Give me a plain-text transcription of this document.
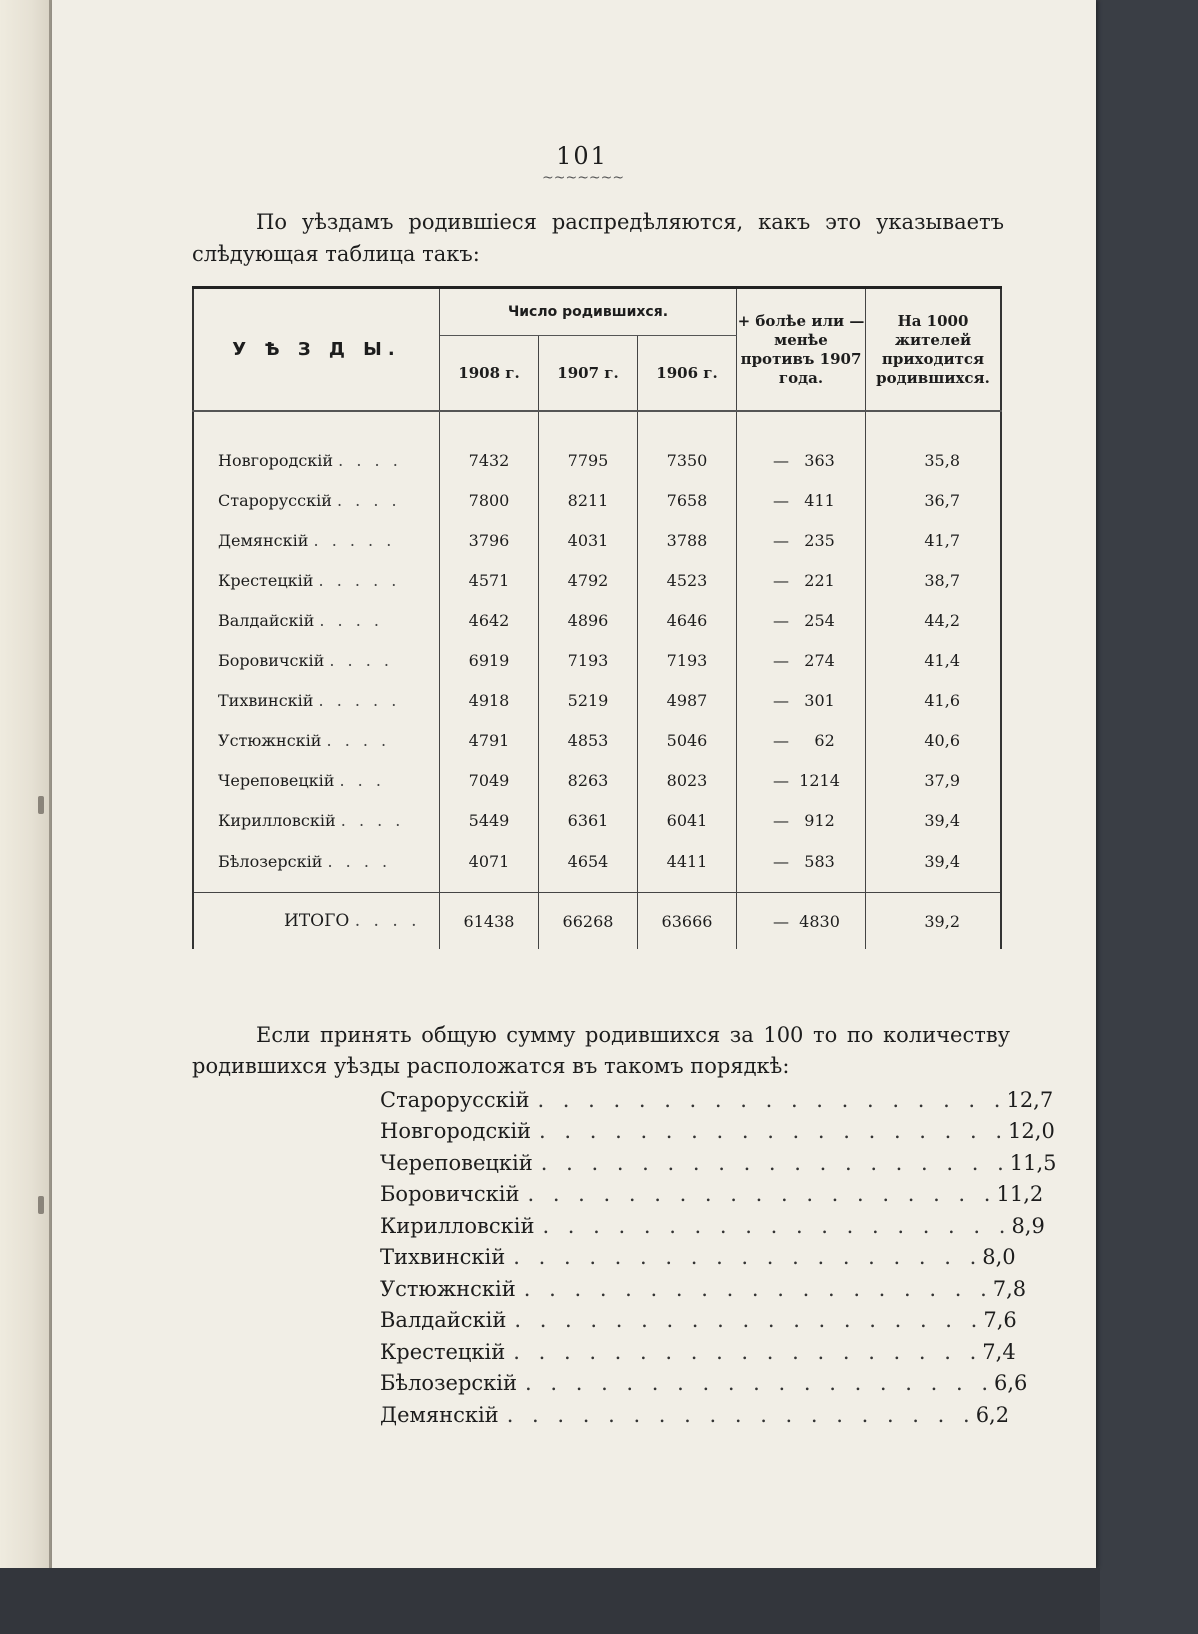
101
~~~~~~~
По уѣздамъ родившіеся распредѣляются, какъ это указываетъ слѣдующая таблица такъ:
У Ѣ З Д Ы.	Число родившихся.			+ болѣе или — менѣе противъ 1907 года.	На 1000 жителей приходится родившихся.
	1908 г.	1907 г.	1906 г.		

Новгородскій . . . .	7432	7795	7350	—   363	35,8
Старорусскій . . . .	7800	8211	7658	—   411	36,7
Демянскій . . . . .	3796	4031	3788	—   235	41,7
Крестецкій . . . . .	4571	4792	4523	—   221	38,7
Валдайскій . . . .	4642	4896	4646	—   254	44,2
Боровичскій . . . .	6919	7193	7193	—   274	41,4
Тихвинскій . . . . .	4918	5219	4987	—   301	41,6
Устюжнскій . . . .	4791	4853	5046	—     62	40,6
Череповецкій . . .	7049	8263	8023	—  1214	37,9
Кирилловскій . . . .	5449	6361	6041	—   912	39,4
Бѣлозерскій . . . .	4071	4654	4411	—   583	39,4

ИТОГО . . . .	61438	66268	63666	—  4830	39,2
Если принять общую сумму родившихся за 100 то по количеству родившихся уѣзды расположатся въ такомъ порядкѣ:
Старорусскій . . . . . . . . . . . . . . . . . . . 12,7
Новгородскій . . . . . . . . . . . . . . . . . . . 12,0
Череповецкій . . . . . . . . . . . . . . . . . . . 11,5
Боровичскій . . . . . . . . . . . . . . . . . . . 11,2
Кирилловскій . . . . . . . . . . . . . . . . . . . 8,9
Тихвинскій . . . . . . . . . . . . . . . . . . . 8,0
Устюжнскій . . . . . . . . . . . . . . . . . . . 7,8
Валдайскій . . . . . . . . . . . . . . . . . . . 7,6
Крестецкій . . . . . . . . . . . . . . . . . . . 7,4
Бѣлозерскій . . . . . . . . . . . . . . . . . . . 6,6
Демянскій . . . . . . . . . . . . . . . . . . . 6,2
